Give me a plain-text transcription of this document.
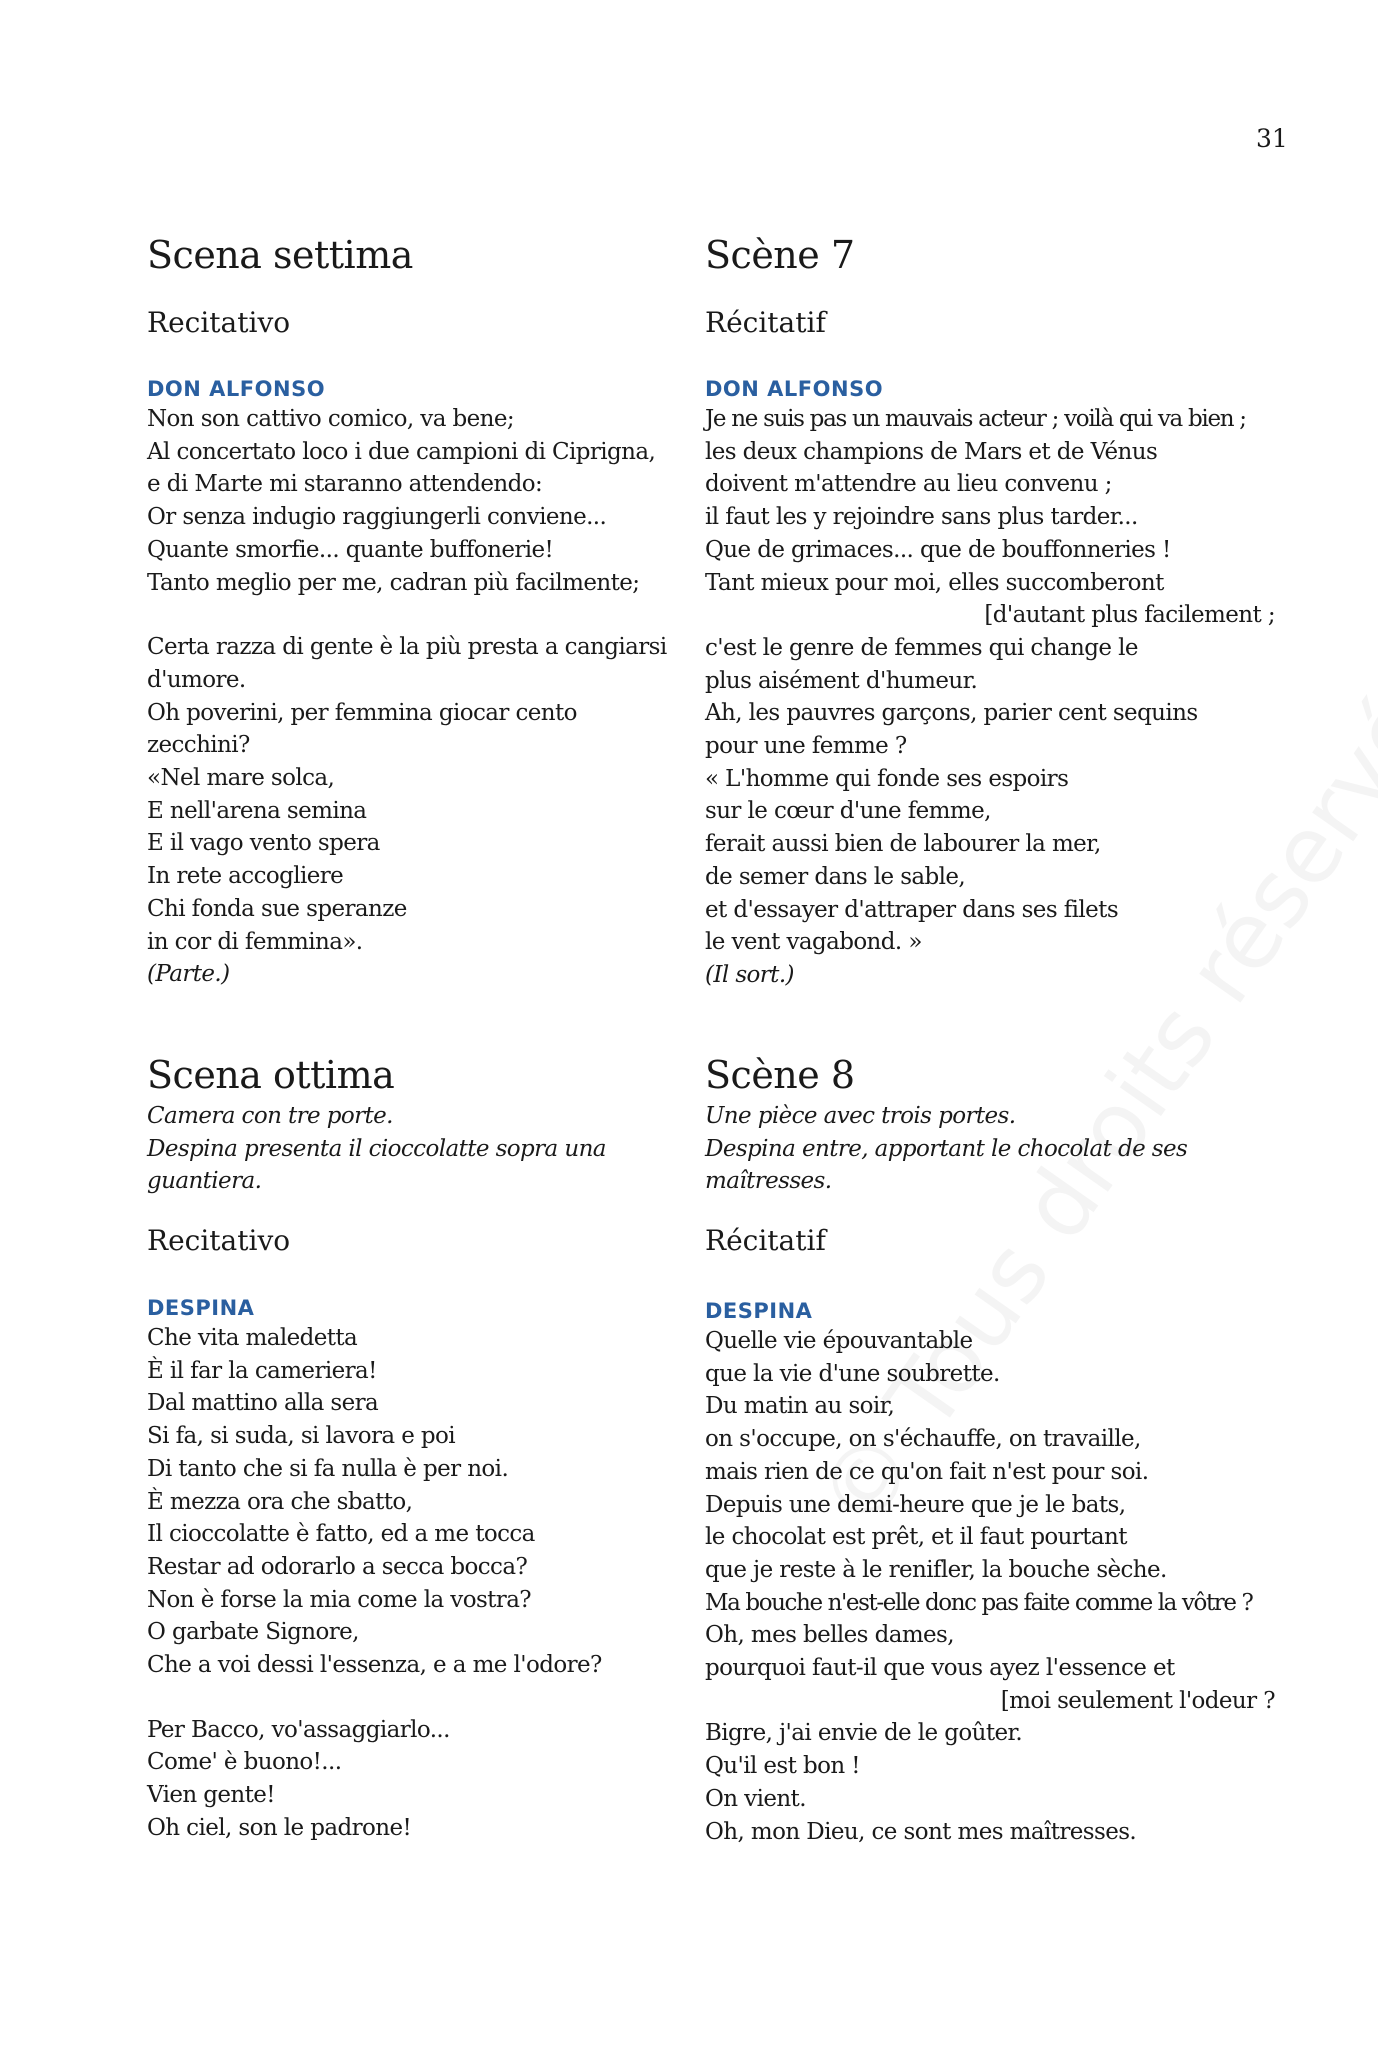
31
Scena settima
Recitativo
DON ALFONSO
Non son cattivo comico, va bene;
Al concertato loco i due campioni di Ciprigna,
e di Marte mi staranno attendendo:
Or senza indugio raggiungerli conviene...
Quante smorfie... quante buffonerie!
Tanto meglio per me, cadran più facilmente;
Certa razza di gente è la più presta a cangiarsi
d'umore.
Oh poverini, per femmina giocar cento
zecchini?
«Nel mare solca,
E nell'arena semina
E il vago vento spera
In rete accogliere
Chi fonda sue speranze
in cor di femmina».
(Parte.)
Scena ottima
Camera con tre porte.
Despina presenta il cioccolatte sopra una
guantiera.
Recitativo
DESPINA
Che vita maledetta
È il far la cameriera!
Dal mattino alla sera
Si fa, si suda, si lavora e poi
Di tanto che si fa nulla è per noi.
È mezza ora che sbatto,
Il cioccolatte è fatto, ed a me tocca
Restar ad odorarlo a secca bocca?
Non è forse la mia come la vostra?
O garbate Signore,
Che a voi dessi l'essenza, e a me l'odore?
Per Bacco, vo'assaggiarlo...
Come' è buono!...
Vien gente!
Oh ciel, son le padrone!
Scène 7
Récitatif
DON ALFONSO
Je ne suis pas un mauvais acteur ; voilà qui va bien ;
les deux champions de Mars et de Vénus
doivent m'attendre au lieu convenu ;
il faut les y rejoindre sans plus tarder...
Que de grimaces... que de bouffonneries !
Tant mieux pour moi, elles succomberont
[d'autant plus facilement ;
c'est le genre de femmes qui change le
plus aisément d'humeur.
Ah, les pauvres garçons, parier cent sequins
pour une femme ?
« L'homme qui fonde ses espoirs
sur le cœur d'une femme,
ferait aussi bien de labourer la mer,
de semer dans le sable,
et d'essayer d'attraper dans ses filets
le vent vagabond. »
(Il sort.)
Scène 8
Une pièce avec trois portes.
Despina entre, apportant le chocolat de ses
maîtresses.
Récitatif
DESPINA
Quelle vie épouvantable
que la vie d'une soubrette.
Du matin au soir,
on s'occupe, on s'échauffe, on travaille,
mais rien de ce qu'on fait n'est pour soi.
Depuis une demi-heure que je le bats,
le chocolat est prêt, et il faut pourtant
que je reste à le renifler, la bouche sèche.
Ma bouche n'est-elle donc pas faite comme la vôtre ?
Oh, mes belles dames,
pourquoi faut-il que vous ayez l'essence et
[moi seulement l'odeur ?
Bigre, j'ai envie de le goûter.
Qu'il est bon !
On vient.
Oh, mon Dieu, ce sont mes maîtresses.
